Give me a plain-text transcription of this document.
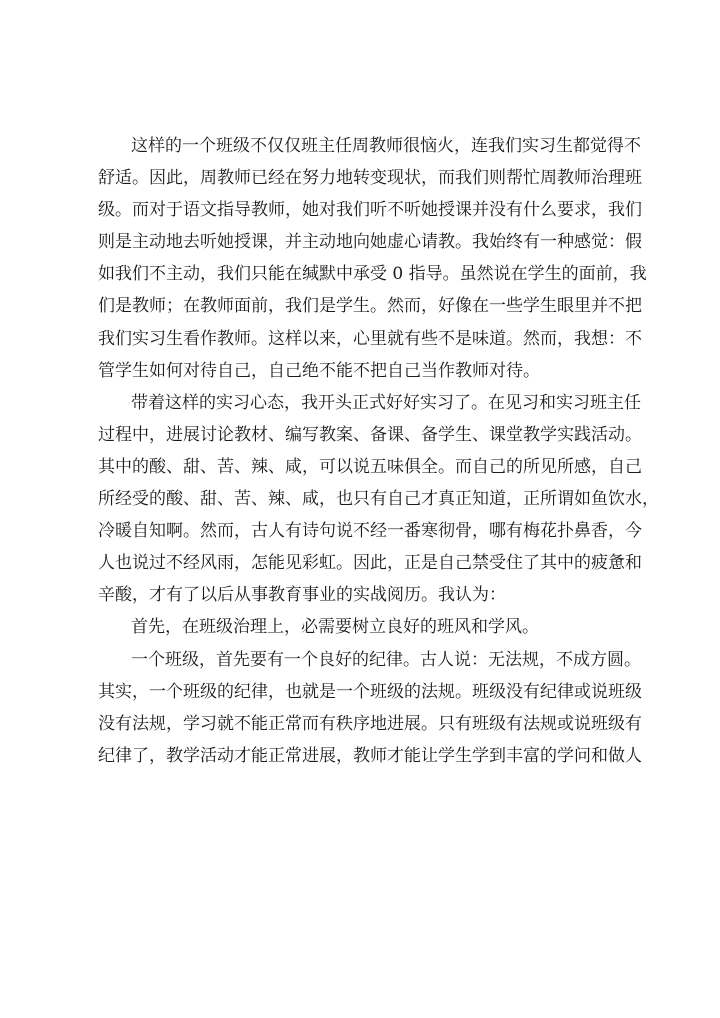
这样的一个班级不仅仅班主任周教师很恼火，连我们实习生都觉得不
舒适。因此，周教师已经在努力地转变现状，而我们则帮忙周教师治理班
级。而对于语文指导教师，她对我们听不听她授课并没有什么要求，我们
则是主动地去听她授课，并主动地向她虚心请教。我始终有一种感觉：假
如我们不主动，我们只能在缄默中承受 0 指导。虽然说在学生的面前，我
们是教师；在教师面前，我们是学生。然而，好像在一些学生眼里并不把
我们实习生看作教师。这样以来，心里就有些不是味道。然而，我想：不
管学生如何对待自己，自己绝不能不把自己当作教师对待。
带着这样的实习心态，我开头正式好好实习了。在见习和实习班主任
过程中，进展讨论教材、编写教案、备课、备学生、课堂教学实践活动。
其中的酸、甜、苦、辣、咸，可以说五味俱全。而自己的所见所感，自己
所经受的酸、甜、苦、辣、咸，也只有自己才真正知道，正所谓如鱼饮水，
冷暖自知啊。然而，古人有诗句说不经一番寒彻骨，哪有梅花扑鼻香，今
人也说过不经风雨，怎能见彩虹。因此，正是自己禁受住了其中的疲惫和
辛酸，才有了以后从事教育事业的实战阅历。我认为：
首先，在班级治理上，必需要树立良好的班风和学风。
一个班级，首先要有一个良好的纪律。古人说：无法规，不成方圆。
其实，一个班级的纪律，也就是一个班级的法规。班级没有纪律或说班级
没有法规，学习就不能正常而有秩序地进展。只有班级有法规或说班级有
纪律了，教学活动才能正常进展，教师才能让学生学到丰富的学问和做人
